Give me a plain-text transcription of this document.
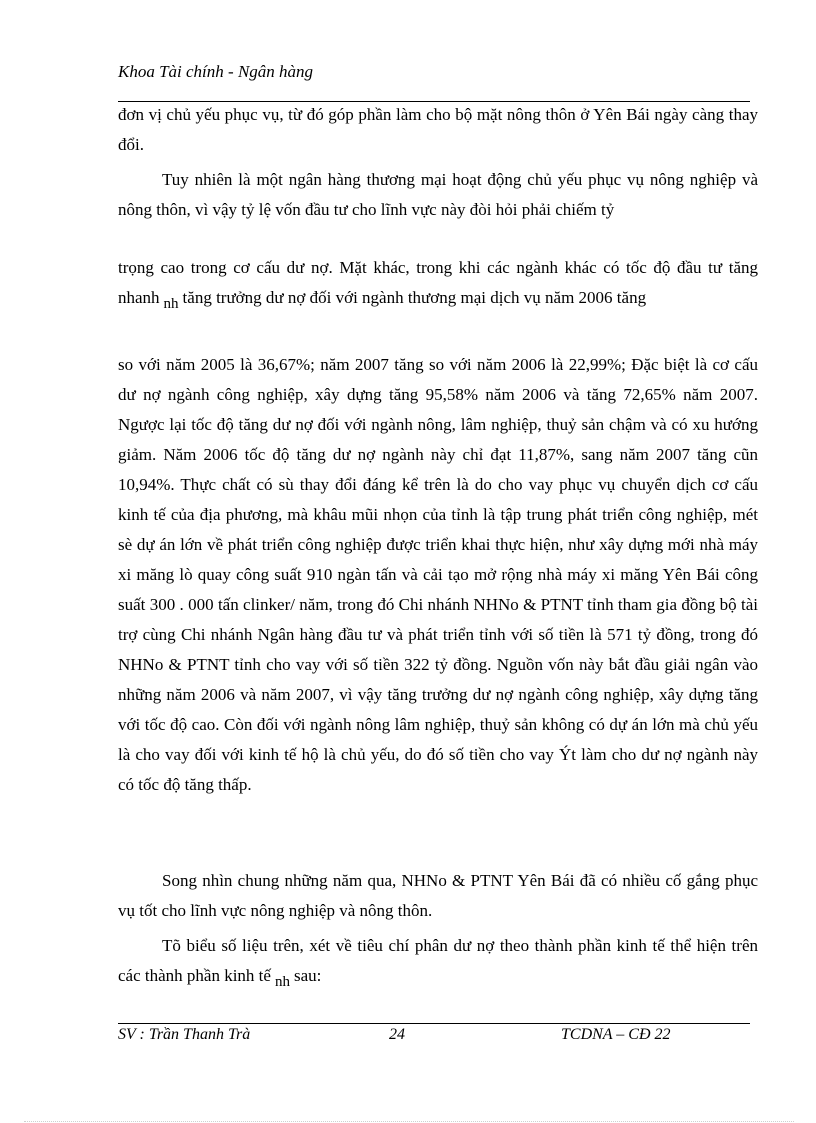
Khoa Tài chính - Ngân hàng

đơn vị chủ yếu phục vụ, từ đó góp phần làm cho bộ mặt nông thôn ở Yên Bái ngày càng thay đổi.

Tuy nhiên là một ngân hàng thương mại hoạt động chủ yếu phục vụ nông nghiệp và nông thôn, vì vậy tỷ lệ vốn đầu tư cho lĩnh vực này đòi hỏi phải chiếm tỷ

trọng cao trong cơ cấu dư nợ. Mặt khác, trong khi các ngành khác có tốc độ đầu tư tăng nhanh nh tăng trưởng dư nợ đối với ngành thương mại dịch vụ năm 2006 tăng

so với năm 2005 là 36,67%; năm 2007 tăng so với năm 2006 là 22,99%; Đặc biệt là cơ cấu dư nợ ngành công nghiệp, xây dựng tăng 95,58% năm 2006 và tăng 72,65% năm 2007. Ngược lại tốc độ tăng dư nợ đối với ngành nông, lâm nghiệp, thuỷ sản chậm và có xu hướng giảm. Năm 2006 tốc độ tăng dư nợ ngành này chỉ đạt 11,87%, sang năm 2007 tăng cũn 10,94%. Thực chất có sù thay đổi đáng kể trên là do cho vay phục vụ chuyển dịch cơ cấu kinh tế của địa phương, mà khâu mũi nhọn của tỉnh là tập trung phát triển công nghiệp, mét sè dự án lớn về phát triển công nghiệp được triển khai thực hiện, như xây dựng mới nhà máy xi măng lò quay công suất 910 ngàn tấn và cải tạo mở rộng nhà máy xi măng Yên Bái công suất 300 . 000 tấn clinker/ năm, trong đó Chi nhánh NHNo & PTNT tỉnh tham gia đồng bộ tài trợ cùng Chi nhánh Ngân hàng đầu tư và phát triển tỉnh với số tiền là 571 tỷ đồng, trong đó NHNo & PTNT tỉnh cho vay với số tiền 322 tỷ đồng. Nguồn vốn này bắt đầu giải ngân vào những năm 2006 và năm 2007, vì vậy tăng trưởng dư nợ ngành công nghiệp, xây dựng tăng với tốc độ cao. Còn đối với ngành nông lâm nghiệp, thuỷ sản không có dự án lớn mà chủ yếu là cho vay đối với kinh tế hộ là chủ yếu, do đó số tiền cho vay Ýt làm cho dư nợ ngành này có tốc độ tăng thấp.

Song nhìn chung những năm qua, NHNo & PTNT Yên Bái đã có nhiều cố gắng phục vụ tốt cho lĩnh vực nông nghiệp và nông thôn.

Tõ biểu số liệu trên, xét về tiêu chí phân dư nợ theo thành phần kinh tế thể hiện trên các thành phần kinh tế nh sau:

SV : Trần Thanh Trà	24	TCDNA – CĐ 22
